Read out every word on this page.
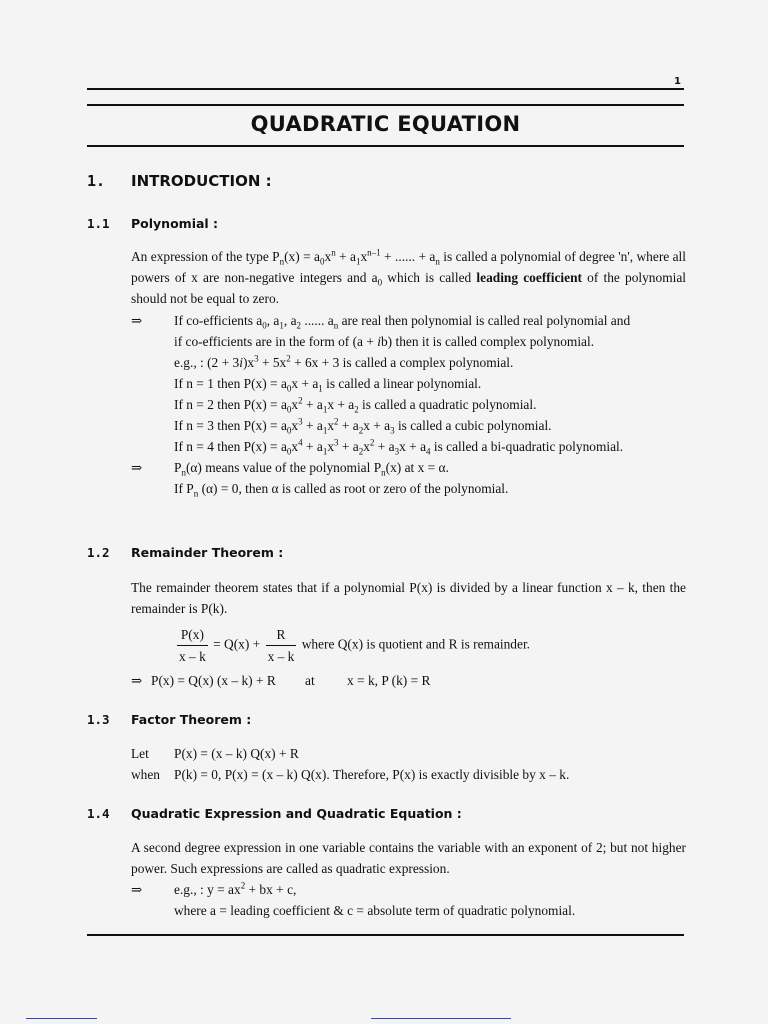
1
QUADRATIC EQUATION
1. INTRODUCTION :
1.1 Polynomial :
An expression of the type $P_n(x) = a_0x^n + a_1x^{n-1}$ + ...... + $a_n$ is called a polynomial of degree 'n', where all powers of x are non-negative integers and $a_0$ which is called leading coefficient of the polynomial should not be equal to zero.
⇒ If co-efficients $a_0$, $a_1$, $a_2$ ...... $a_n$ are real then polynomial is called real polynomial and
if co-efficients are in the form of (a + ib) then it is called complex polynomial.
e.g., : $(2 + 3i)x^3 + 5x^2 + 6x + 3$ is called a complex polynomial.
If n = 1 then $P(x) = a_0x + a_1$ is called a linear polynomial.
If n = 2 then $P(x) = a_0x^2 + a_1x + a_2$ is called a quadratic polynomial.
If n = 3 then $P(x) = a_0x^3 + a_1x^2 + a_2x + a_3$ is called a cubic polynomial.
If n = 4 then $P(x) = a_0x^4 + a_1x^3 + a_2x^2 + a_3x + a_4$ is called a bi-quadratic polynomial.
$P_n(\alpha)$ means value of the polynomial $P_n(x)$ at x = α.
If $P_n$ (α) = 0, then α is called as root or zero of the polynomial.
⇒
1.2 Remainder Theorem :
The remainder theorem states that if a polynomial P(x) is divided by a linear function x – k, then the remainder is P(k).
$\frac{P(x)}{x - k} = Q(x) + \frac{R}{x - k}$ where Q(x) is quotient and R is remainder.
⇒ P(x) = Q(x) (x – k) + R at x = k, P (k) = R
1.3 Factor Theorem :
Let P(x) = (x – k) Q(x) + R
when P(k) = 0, P(x) = (x – k) Q(x). Therefore, P(x) is exactly divisible by x – k.
1.4 Quadratic Expression and Quadratic Equation :
A second degree expression in one variable contains the variable with an exponent of 2; but not higher power. Such expressions are called as quadratic expression.
⇒ e.g., : $y = ax^2$ + bx + c,
where a = leading coefficient & c = absolute term of quadratic polynomial.
